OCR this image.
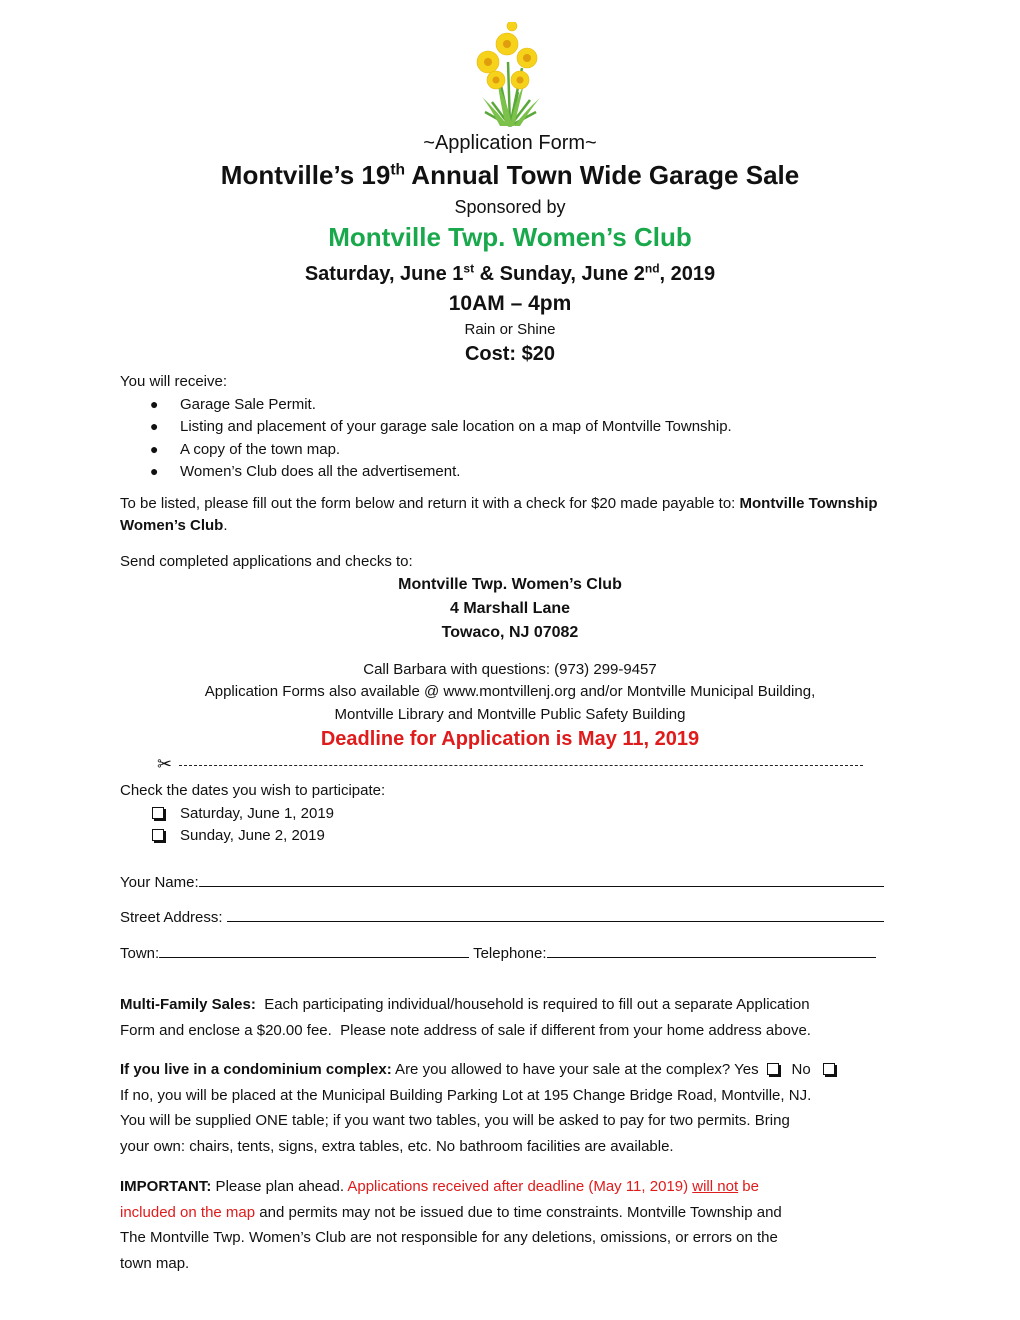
~Application Form~
Montville’s 19th Annual Town Wide Garage Sale
Sponsored by
Montville Twp. Women’s Club
Saturday, June 1st & Sunday, June 2nd, 2019
10AM – 4pm
Rain or Shine
Cost: $20
You will receive:
● Garage Sale Permit.
● Listing and placement of your garage sale location on a map of Montville Township.
● A copy of the town map.
● Women’s Club does all the advertisement.
To be listed, please fill out the form below and return it with a check for $20 made payable to: Montville Township Women’s Club.
Send completed applications and checks to:
Montville Twp. Women’s Club
4 Marshall Lane
Towaco, NJ 07082
Call Barbara with questions: (973) 299-9457
Application Forms also available @ www.montvillenj.org and/or Montville Municipal Building,
Montville Library and Montville Public Safety Building
Deadline for Application is May 11, 2019
✂
Check the dates you wish to participate:
Saturday, June 1, 2019
Sunday, June 2, 2019
Your Name:
Street Address:
Town:	Telephone:
Multi-Family Sales:  Each participating individual/household is required to fill out a separate Application
Form and enclose a $20.00 fee.  Please note address of sale if different from your home address above.
If you live in a condominium complex: Are you allowed to have your sale at the complex? Yes No
If no, you will be placed at the Municipal Building Parking Lot at 195 Change Bridge Road, Montville, NJ.
You will be supplied ONE table; if you want two tables, you will be asked to pay for two permits. Bring
your own: chairs, tents, signs, extra tables, etc. No bathroom facilities are available.
IMPORTANT: Please plan ahead. Applications received after deadline (May 11, 2019) will not be
included on the map and permits may not be issued due to time constraints. Montville Township and
The Montville Twp. Women’s Club are not responsible for any deletions, omissions, or errors on the
town map.
